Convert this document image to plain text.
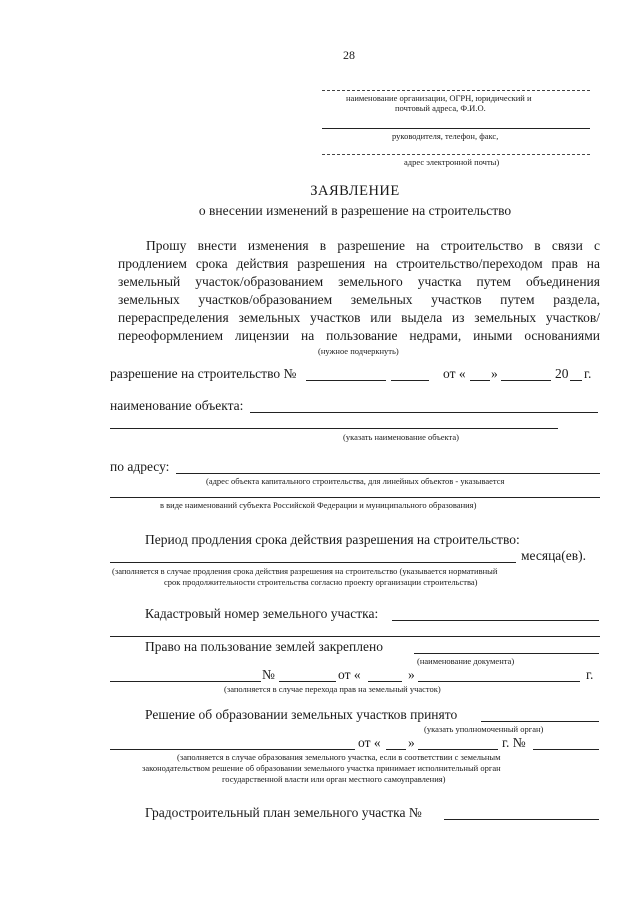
28
наименование организации, ОГРН, юридический и
почтовый адреса, Ф.И.О.
руководителя, телефон, факс,
адрес электронной почты)
ЗАЯВЛЕНИЕ
о внесении изменений в разрешение на строительство

Прошу внести изменения в разрешение на строительство в связи с

продлением срока действия разрешения на строительство/переходом прав на

земельный участок/образованием земельного участка путем объединения

земельных участков/образованием земельных участков путем раздела,

перераспределения земельных участков или выдела из земельных участков/

переоформлением лицензии на пользование недрами, иными основаниями

(нужное подчеркнуть)
разрешение на строительство №	от « »	20 г.
наименование объекта:
(указать наименование объекта)
по адресу:
(адрес объекта капитального строительства, для линейных объектов - указывается
в виде наименований субъекта Российской Федерации и муниципального образования)
Период продления срока действия разрешения на строительство:
месяца(ев).
(заполняется в случае продления срока действия разрешения на строительство (указывается нормативный
срок продолжительности строительства согласно проекту организации строительства)
Кадастровый номер земельного участка:
Право на пользование землей закреплено
(наименование документа)
№	от «	»	г.
(заполняется в случае перехода прав на земельный участок)
Решение об образовании земельных участков принято
(указать уполномоченный орган)
от « »	г. №
(заполняется в случае образования земельного участка, если в соответствии с земельным
законодательством решение об образовании земельного участка принимает исполнительный орган
государственной власти или орган местного самоуправления)
Градостроительный план земельного участка №
